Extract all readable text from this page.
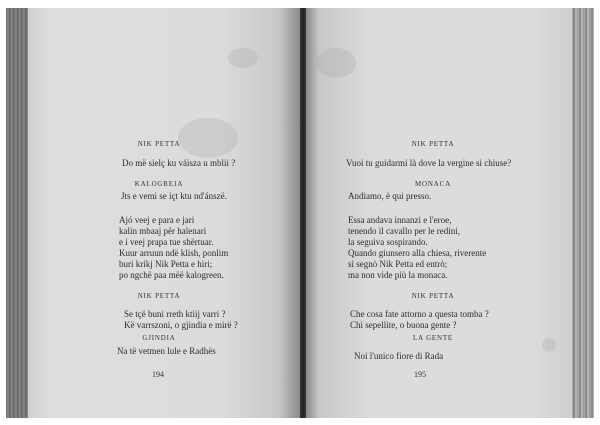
NIK PETTA
Do më sielç ku váisza u mblii ?
KALOGREJA
Jts e vemi se içt ktu nd'ánszë.
Ajó veej e para e jari
kalin mbaaj për halenari
e i veej prapa tue shërtuar.
Kuur arruun ndë klish, ponlim
buri krikj Nik Petta e hiri;
po ngchë paa mëë kalogreen.
NIK PETTA
Se tçë buni rreth ktiij varri ?
Kë varrszoni, o gjindia e mirë ?
GJINDIA
Na të vetmen lule e Radhës
194
NIK PETTA
Vuoi tu guidarmi là dove la vergine si chiuse?
MONACA
Andiamo, è qui presso.
Essa andava innanzi e l'eroe,
tenendo il cavallo per le redini,
la seguiva sospirando.
Quando giunsero alla chiesa, riverente
si segnò Nik Petta ed entrò;
ma non vide più la monaca.
NIK PETTA
Che cosa fate attorno a questa tomba ?
Chi sepellite, o buona gente ?
LA GENTE
Noi l'unico fiore di Rada
195
